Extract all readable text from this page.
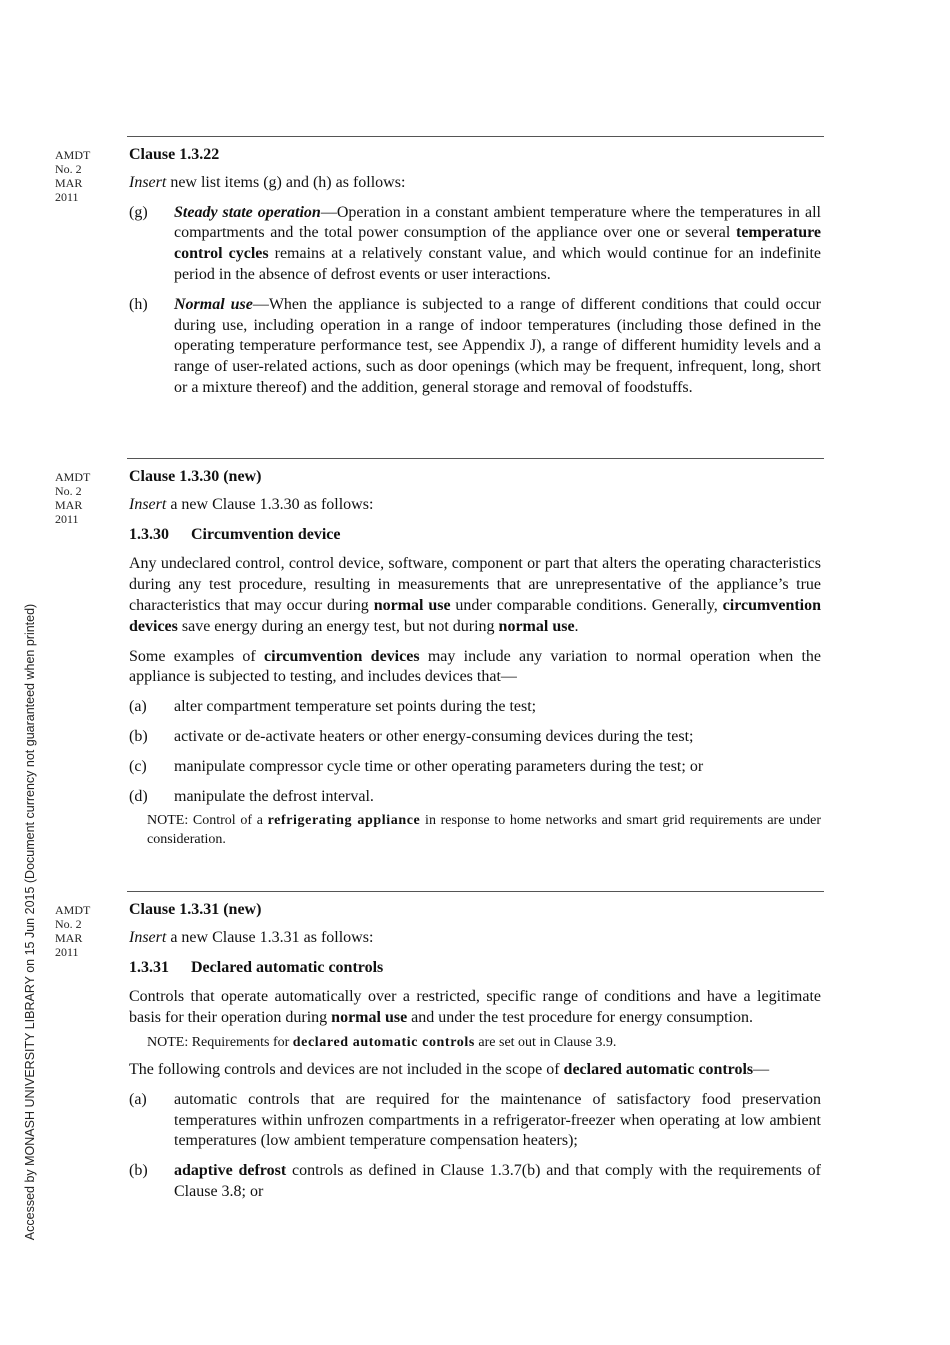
Accessed by MONASH UNIVERSITY LIBRARY on 15 Jun 2015 (Document currency not guaranteed when printed)
AMDT
No. 2
MAR
2011
Clause 1.3.22
Insert new list items (g) and (h) as follows:
(g) Steady state operation—Operation in a constant ambient temperature where the temperatures in all compartments and the total power consumption of the appliance over one or several temperature control cycles remains at a relatively constant value, and which would continue for an indefinite period in the absence of defrost events or user interactions.
(h) Normal use—When the appliance is subjected to a range of different conditions that could occur during use, including operation in a range of indoor temperatures (including those defined in the operating temperature performance test, see Appendix J), a range of different humidity levels and a range of user-related actions, such as door openings (which may be frequent, infrequent, long, short or a mixture thereof) and the addition, general storage and removal of foodstuffs.
AMDT
No. 2
MAR
2011
Clause 1.3.30 (new)
Insert a new Clause 1.3.30 as follows:
1.3.30 Circumvention device

Any undeclared control, control device, software, component or part that alters the operating characteristics during any test procedure, resulting in measurements that are unrepresentative of the appliance’s true characteristics that may occur during normal use under comparable conditions. Generally, circumvention devices save energy during an energy test, but not during normal use.

Some examples of circumvention devices may include any variation to normal operation when the appliance is subjected to testing, and includes devices that—

(a) alter compartment temperature set points during the test;
(b) activate or de-activate heaters or other energy-consuming devices during the test;
(c) manipulate compressor cycle time or other operating parameters during the test; or
(d) manipulate the defrost interval.
NOTE: Control of a refrigerating appliance in response to home networks and smart grid requirements are under consideration.
AMDT
No. 2
MAR
2011
Clause 1.3.31 (new)
Insert a new Clause 1.3.31 as follows:
1.3.31 Declared automatic controls

Controls that operate automatically over a restricted, specific range of conditions and have a legitimate basis for their operation during normal use and under the test procedure for energy consumption.

NOTE: Requirements for declared automatic controls are set out in Clause 3.9.

The following controls and devices are not included in the scope of declared automatic controls—

(a) automatic controls that are required for the maintenance of satisfactory food preservation temperatures within unfrozen compartments in a refrigerator-freezer when operating at low ambient temperatures (low ambient temperature compensation heaters);
(b) adaptive defrost controls as defined in Clause 1.3.7(b) and that comply with the requirements of Clause 3.8; or
